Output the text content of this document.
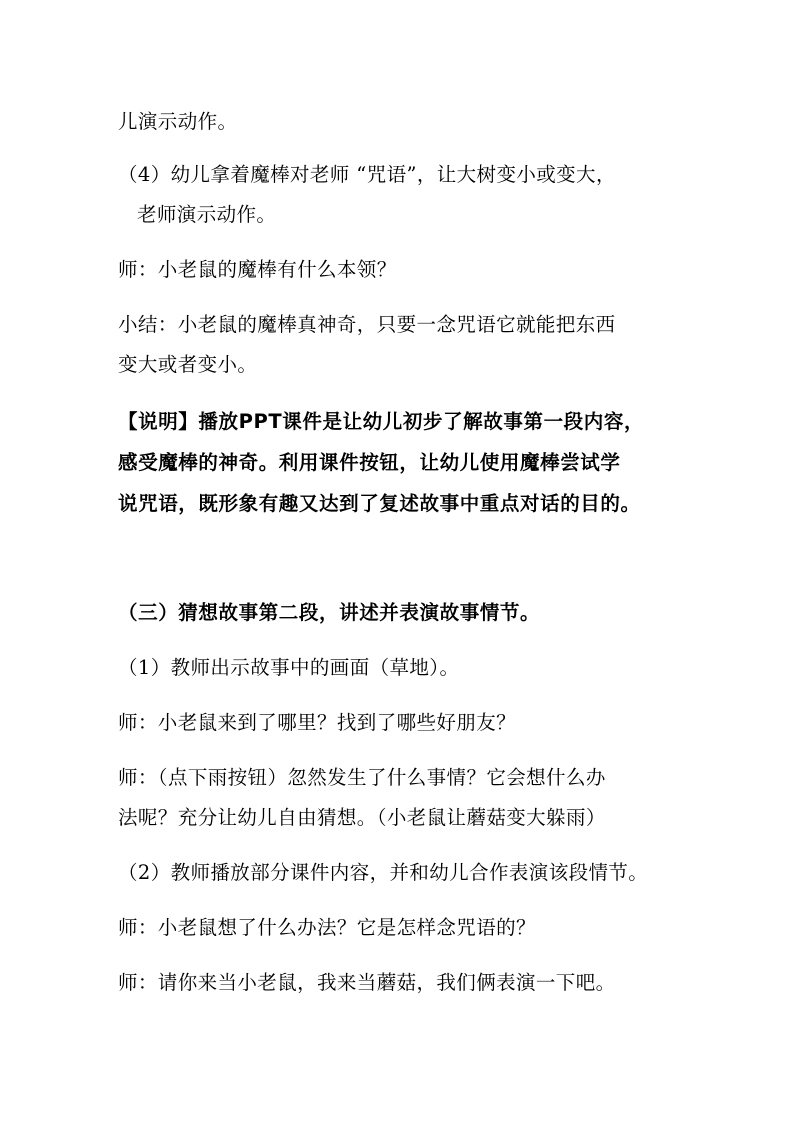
儿演示动作。
（4）幼儿拿着魔棒对老师 “咒语”，让大树变小或变大，
老师演示动作。
师：小老鼠的魔棒有什么本领？
小结：小老鼠的魔棒真神奇，只要一念咒语它就能把东西
变大或者变小。
【说明】播放PPT课件是让幼儿初步了解故事第一段内容，
感受魔棒的神奇。利用课件按钮，让幼儿使用魔棒尝试学
说咒语，既形象有趣又达到了复述故事中重点对话的目的。
（三）猜想故事第二段，讲述并表演故事情节。
（1）教师出示故事中的画面（草地）。
师：小老鼠来到了哪里？找到了哪些好朋友？
师：（点下雨按钮）忽然发生了什么事情？它会想什么办
法呢？充分让幼儿自由猜想。（小老鼠让蘑菇变大躲雨）
（2）教师播放部分课件内容，并和幼儿合作表演该段情节。
师：小老鼠想了什么办法？它是怎样念咒语的？
师：请你来当小老鼠，我来当蘑菇，我们俩表演一下吧。
